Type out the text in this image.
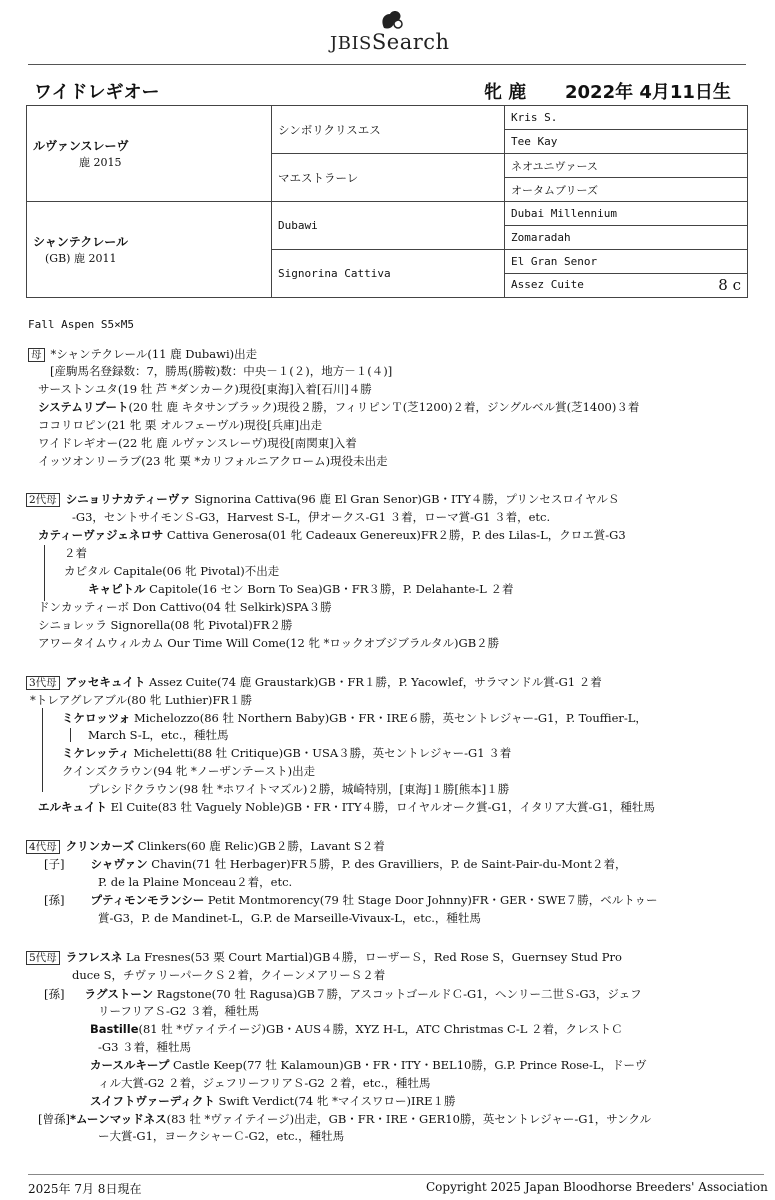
JBISSearch
ワイドレギオー	牝 鹿 2022年 4月11日生
ルヴァンスレーヴ
鹿 2015	シンボリクリスエス	Kris S.
		Tee Kay
	マエストラーレ	ネオユニヴァース
		オータムブリーズ

シャンテクレール
(GB) 鹿 2011	Dubawi	Dubai Millennium
		Zomaradah
	Signorina Cattiva	El Gran Senor
		Assez Cuite 8 c
Fall Aspen S5×M5
母 *シャンテクレール(11 鹿 Dubawi)出走
[産駒馬名登録数：7，勝馬(勝鞍)数：中央－１(２)，地方－１(４)]
サーストンユタ(19 牡 芦 *ダンカーク)現役[東海]入着[石川]４勝
システムリブート(20 牡 鹿 キタサンブラック)現役２勝，フィリピンＴ(芝1200)２着，ジングルベル賞(芝1400)３着
ココリロピン(21 牝 栗 オルフェーヴル)現役[兵庫]出走
ワイドレギオー(22 牝 鹿 ルヴァンスレーヴ)現役[南関東]入着
イッツオンリーラブ(23 牝 栗 *カリフォルニアクローム)現役未出走
2代母 シニョリナカティーヴァ Signorina Cattiva(96 鹿 El Gran Senor)GB・ITY４勝，プリンセスロイヤルＳ
-G3，セントサイモンＳ-G3，Harvest S-L，伊オークス-G1 ３着，ローマ賞-G1 ３着，etc.
カティーヴァジェネロサ Cattiva Generosa(01 牝 Cadeaux Genereux)FR２勝，P. des Lilas-L，クロエ賞-G3
２着
カピタル Capitale(06 牝 Pivotal)不出走
キャピトル Capitole(16 セン Born To Sea)GB・FR３勝，P. Delahante-L ２着
ドンカッティーボ Don Cattivo(04 牡 Selkirk)SPA３勝
シニョレッラ Signorella(08 牝 Pivotal)FR２勝
アワータイムウィルカム Our Time Will Come(12 牝 *ロックオブジブラルタル)GB２勝
3代母 アッセキュイト Assez Cuite(74 鹿 Graustark)GB・FR１勝，P. Yacowlef，サラマンドル賞-G1 ２着
*トレアグレアブル(80 牝 Luthier)FR１勝
ミケロッツォ Michelozzo(86 牡 Northern Baby)GB・FR・IRE６勝，英セントレジャー-G1，P. Touffier-L，
March S-L，etc.，種牡馬
ミケレッティ Micheletti(88 牡 Critique)GB・USA３勝，英セントレジャー-G1 ３着
クインズクラウン(94 牝 *ノーザンテースト)出走
プレシドクラウン(98 牡 *ホワイトマズル)２勝，城崎特別，[東海]１勝[熊本]１勝
エルキュイト El Cuite(83 牡 Vaguely Noble)GB・FR・ITY４勝，ロイヤルオーク賞-G1，イタリア大賞-G1，種牡馬
4代母 クリンカーズ Clinkers(60 鹿 Relic)GB２勝，Lavant S２着
[子] シャヴァン Chavin(71 牡 Herbager)FR５勝，P. des Gravilliers，P. de Saint-Pair-du-Mont２着，
P. de la Plaine Monceau２着，etc.
[孫] プティモンモランシー Petit Montmorency(79 牡 Stage Door Johnny)FR・GER・SWE７勝，ベルトゥー
賞-G3，P. de Mandinet-L，G.P. de Marseille-Vivaux-L，etc.，種牡馬
5代母 ラフレスネ La Fresnes(53 栗 Court Martial)GB４勝，ローザーＳ，Red Rose S，Guernsey Stud Pro
duce S，チヴァリーパークＳ２着，クイーンメアリーＳ２着
[孫] ラグストーン Ragstone(70 牡 Ragusa)GB７勝，アスコットゴールドＣ-G1，ヘンリー二世Ｓ-G3，ジェフ
リーフリアＳ-G2 ３着，種牡馬
Bastille(81 牡 *ヴァイテイージ)GB・AUS４勝，XYZ H-L，ATC Christmas C-L ２着，クレストＣ
-G3 ３着，種牡馬
カースルキープ Castle Keep(77 牡 Kalamoun)GB・FR・ITY・BEL10勝，G.P. Prince Rose-L，ドーヴ
ィル大賞-G2 ２着，ジェフリーフリアＳ-G2 ２着，etc.，種牡馬
スイフトヴァーディクト Swift Verdict(74 牝 *マイスワロー)IRE１勝
[曾孫]*ムーンマッドネス(83 牡 *ヴァイテイージ)出走，GB・FR・IRE・GER10勝，英セントレジャー-G1，サンクル
ー大賞-G1，ヨークシャーＣ-G2，etc.，種牡馬
2025年 7月 8日現在	Copyright 2025 Japan Bloodhorse Breeders' Association
